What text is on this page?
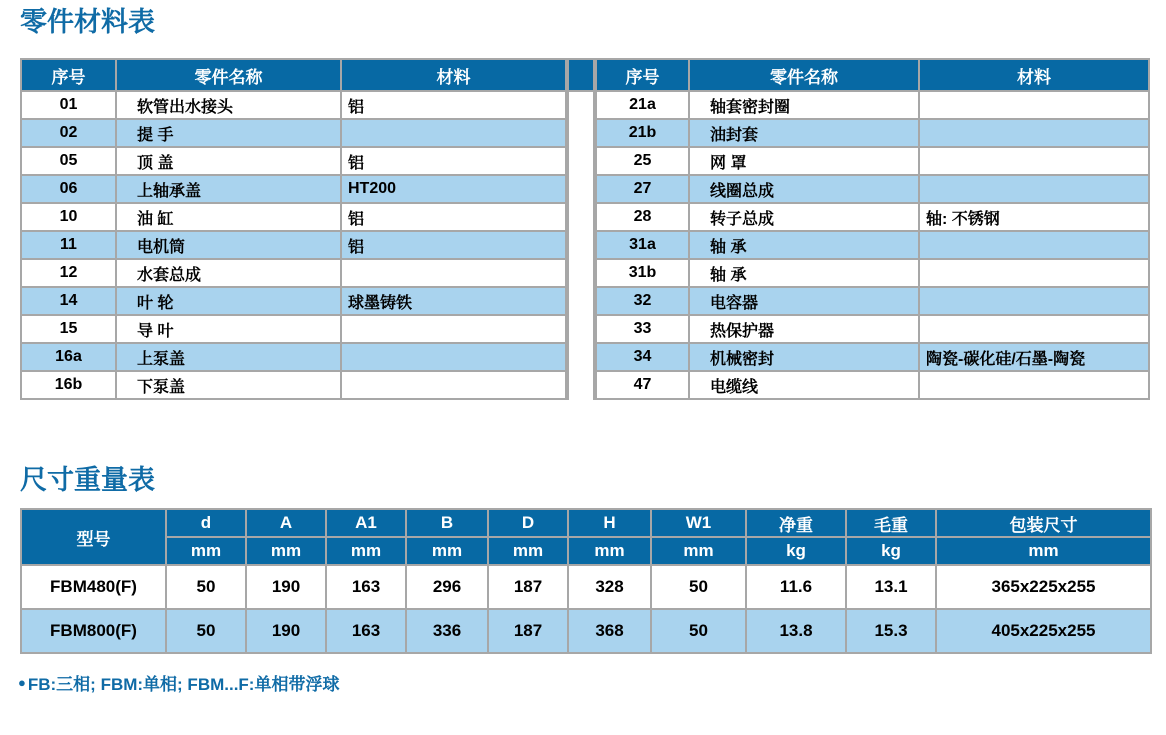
零件材料表
序号	零件名称	材料
01	软管出水接头	铝
02	提 手	
05	顶 盖	铝
06	上轴承盖	HT200
10	油 缸	铝
11	电机筒	铝
12	水套总成	
14	叶 轮	球墨铸铁
15	导 叶	
16a	上泵盖	
16b	下泵盖	
序号	零件名称	材料
21a	轴套密封圈	
21b	油封套	
25	网 罩	
27	线圈总成	
28	转子总成	轴: 不锈钢
31a	轴 承	
31b	轴 承	
32	电容器	
33	热保护器	
34	机械密封	陶瓷-碳化硅/石墨-陶瓷
47	电缆线	
尺寸重量表
型号	d	A	A1	B	D	H	W1	净重	毛重	包装尺寸
	mm	mm	mm	mm	mm	mm	mm	kg	kg	mm
FBM480(F)	50	190	163	296	187	328	50	11.6	13.1	365x225x255
FBM800(F)	50	190	163	336	187	368	50	13.8	15.3	405x225x255
● FB:三相; FBM:单相; FBM...F:单相带浮球
